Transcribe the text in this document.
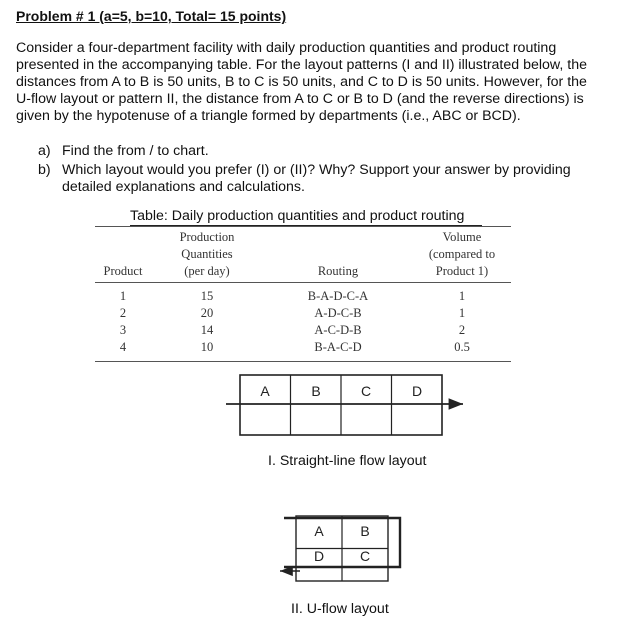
Problem # 1 (a=5, b=10, Total= 15 points)

Consider a four-department facility with daily production quantities and product routing presented in the accompanying table. For the layout patterns (I and II) illustrated below, the distances from A to B is 50 units, B to C is 50 units, and C to D is 50 units. However, for the U-flow layout or pattern II, the distance from A to C or B to D (and the reverse directions) is given by the hypotenuse of a triangle formed by departments (i.e., ABC or BCD).

a) Find the from / to chart.
b) Which layout would you prefer (I) or (II)? Why? Support your answer by providing detailed explanations and calculations.
Table: Daily production quantities and product routing
Product	Production
Quantities
(per day)	Routing	Volume
(compared to
Product 1)
1	15	B-A-D-C-A	1
2	20	A-D-C-B	1
3	14	A-C-D-B	2
4	10	B-A-C-D	0.5
A	B	C	D
A	B
D	C
I. Straight-line flow layout
II. U-flow layout
